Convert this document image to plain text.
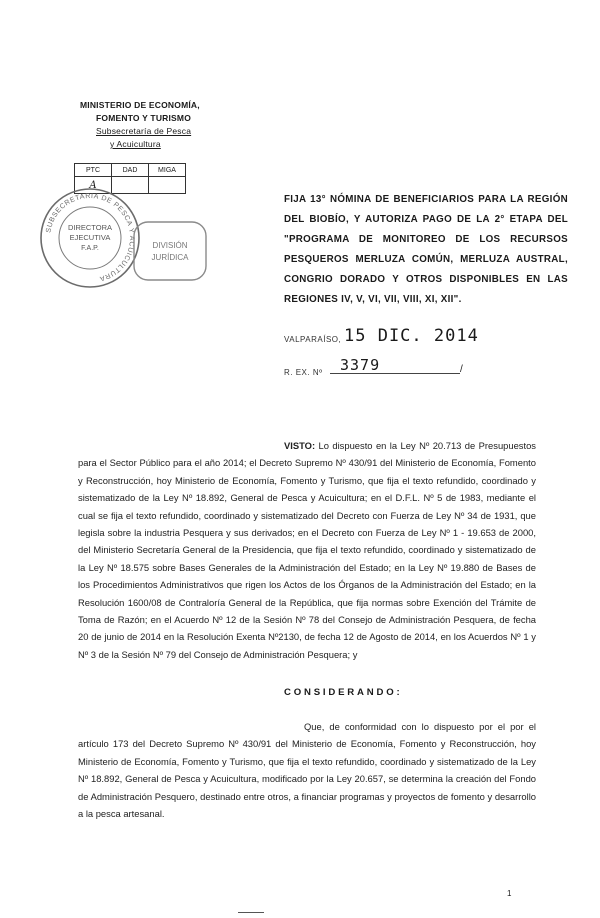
MINISTERIO DE ECONOMÍA,
FOMENTO Y TURISMO
Subsecretaría de Pesca
y Acuicultura
PTC	DAD	MIGA
A		
SUBSECRETARIA DE PESCA Y ACUICULTURA
DIRECTORA
EJECUTIVA
F.A.P.	DIVISIÓN
JURÍDICA
FIJA 13° NÓMINA DE BENEFICIARIOS PARA LA REGIÓN DEL BIOBÍO, Y AUTORIZA PAGO DE LA 2° ETAPA DEL "PROGRAMA DE MONITOREO DE LOS RECURSOS PESQUEROS MERLUZA COMÚN, MERLUZA AUSTRAL, CONGRIO DORADO Y OTROS DISPONIBLES EN LAS REGIONES IV, V, VI, VII, VIII, XI, XII".
VALPARAÍSO, 15 DIC. 2014
R. EX. Nº 3379	/
VISTO: Lo dispuesto en la Ley Nº 20.713 de Presupuestos para el Sector Público para el año 2014; el Decreto Supremo Nº 430/91 del Ministerio de Economía, Fomento y Reconstrucción, hoy Ministerio de Economía, Fomento y Turismo, que fija el texto refundido, coordinado y sistematizado de la Ley Nº 18.892, General de Pesca y Acuicultura; en el D.F.L. Nº 5 de 1983, mediante el cual se fija el texto refundido, coordinado y sistematizado del Decreto con Fuerza de Ley Nº 34 de 1931, que legisla sobre la industria Pesquera y sus derivados; en el Decreto con Fuerza de Ley Nº 1 - 19.653 de 2000, del Ministerio Secretaría General de la Presidencia, que fija el texto refundido, coordinado y sistematizado de la Ley Nº 18.575 sobre Bases Generales de la Administración del Estado; en la Ley Nº 19.880 de Bases de los Procedimientos Administrativos que rigen los Actos de los Órganos de la Administración del Estado; en la Resolución 1600/08 de Contraloría General de la República, que fija normas sobre Exención del Trámite de Toma de Razón; en el Acuerdo Nº 12 de la Sesión Nº 78 del Consejo de Administración Pesquera, de fecha 20 de junio de 2014 en la Resolución Exenta Nº2130, de fecha 12 de Agosto de 2014, en los Acuerdos Nº 1 y Nº 3 de la Sesión Nº 79 del Consejo de Administración Pesquera; y
CONSIDERANDO:
Que, de conformidad con lo dispuesto por el por el artículo 173 del Decreto Supremo Nº 430/91 del Ministerio de Economía, Fomento y Reconstrucción, hoy Ministerio de Economía, Fomento y Turismo, que fija el texto refundido, coordinado y sistematizado de la Ley Nº 18.892, General de Pesca y Acuicultura, modificado por la Ley 20.657, se determina la creación del Fondo de Administración Pesquero, destinado entre otros, a financiar programas y proyectos de fomento y desarrollo a la pesca artesanal.
1
